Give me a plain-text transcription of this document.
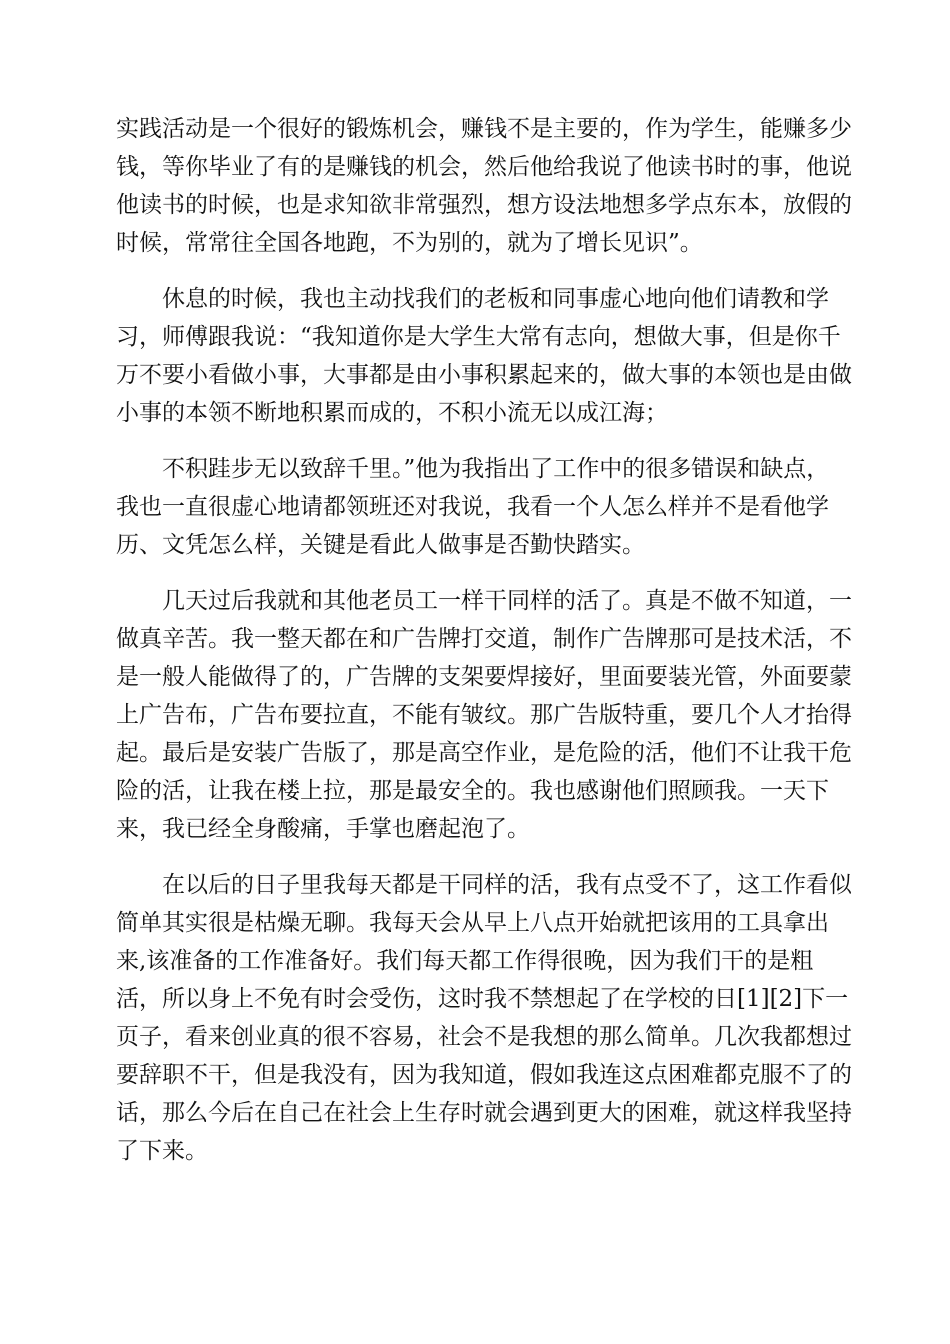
实践活动是一个很好的锻炼机会，赚钱不是主要的，作为学生，能赚多少
钱，等你毕业了有的是赚钱的机会，然后他给我说了他读书时的事，他说
他读书的时候，也是求知欲非常强烈，想方设法地想多学点东本，放假的
时候，常常往全国各地跑，不为别的，就为了增长见识”。

休息的时候，我也主动找我们的老板和同事虚心地向他们请教和学
习，师傅跟我说：“我知道你是大学生大常有志向，想做大事，但是你千
万不要小看做小事，大事都是由小事积累起来的，做大事的本领也是由做
小事的本领不断地积累而成的，不积小流无以成江海；

不积跬步无以致辞千里。”他为我指出了工作中的很多错误和缺点，
我也一直很虚心地请都领班还对我说，我看一个人怎么样并不是看他学
历、文凭怎么样，关键是看此人做事是否勤快踏实。

几天过后我就和其他老员工一样干同样的活了。真是不做不知道，一
做真辛苦。我一整天都在和广告牌打交道，制作广告牌那可是技术活，不
是一般人能做得了的，广告牌的支架要焊接好，里面要装光管，外面要蒙
上广告布，广告布要拉直，不能有皱纹。那广告版特重，要几个人才抬得
起。最后是安装广告版了，那是高空作业，是危险的活，他们不让我干危
险的活，让我在楼上拉，那是最安全的。我也感谢他们照顾我。一天下
来，我已经全身酸痛，手掌也磨起泡了。

在以后的日子里我每天都是干同样的活，我有点受不了，这工作看似
简单其实很是枯燥无聊。我每天会从早上八点开始就把该用的工具拿出
来,该准备的工作准备好。我们每天都工作得很晚，因为我们干的是粗
活，所以身上不免有时会受伤，这时我不禁想起了在学校的日[1][2]下一
页子，看来创业真的很不容易，社会不是我想的那么简单。几次我都想过
要辞职不干，但是我没有，因为我知道，假如我连这点困难都克服不了的
话，那么今后在自己在社会上生存时就会遇到更大的困难，就这样我坚持
了下来。
